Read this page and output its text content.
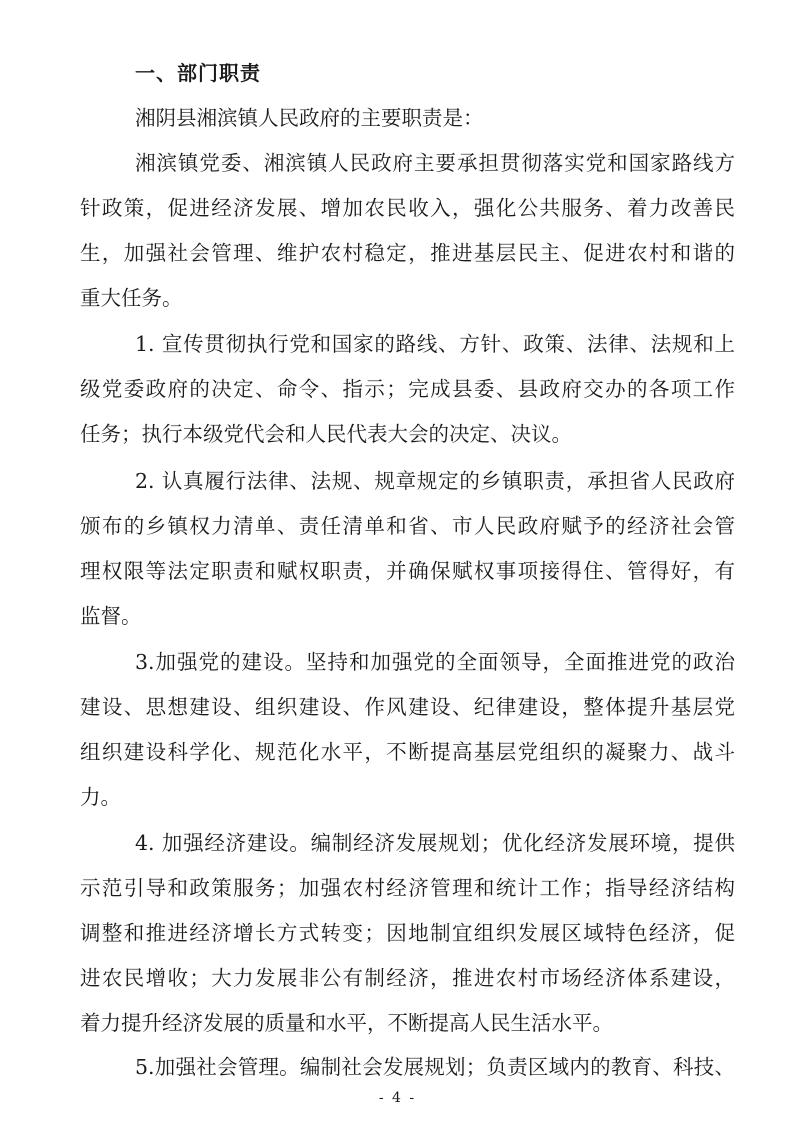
一、部门职责
湘阴县湘滨镇人民政府的主要职责是：
湘滨镇党委、湘滨镇人民政府主要承担贯彻落实党和国家路线方
针政策，促进经济发展、增加农民收入，强化公共服务、着力改善民
生，加强社会管理、维护农村稳定，推进基层民主、促进农村和谐的
重大任务。
1. 宣传贯彻执行党和国家的路线、方针、政策、法律、法规和上
级党委政府的决定、命令、指示；完成县委、县政府交办的各项工作
任务；执行本级党代会和人民代表大会的决定、决议。
2. 认真履行法律、法规、规章规定的乡镇职责，承担省人民政府
颁布的乡镇权力清单、责任清单和省、市人民政府赋予的经济社会管
理权限等法定职责和赋权职责，并确保赋权事项接得住、管得好，有
监督。
3.加强党的建设。坚持和加强党的全面领导，全面推进党的政治
建设、思想建设、组织建设、作风建设、纪律建设，整体提升基层党
组织建设科学化、规范化水平，不断提高基层党组织的凝聚力、战斗
力。
4. 加强经济建设。编制经济发展规划；优化经济发展环境，提供
示范引导和政策服务；加强农村经济管理和统计工作；指导经济结构
调整和推进经济增长方式转变；因地制宜组织发展区域特色经济，促
进农民增收；大力发展非公有制经济，推进农村市场经济体系建设，
着力提升经济发展的质量和水平，不断提高人民生活水平。
5.加强社会管理。编制社会发展规划；负责区域内的教育、科技、
- 4 -
